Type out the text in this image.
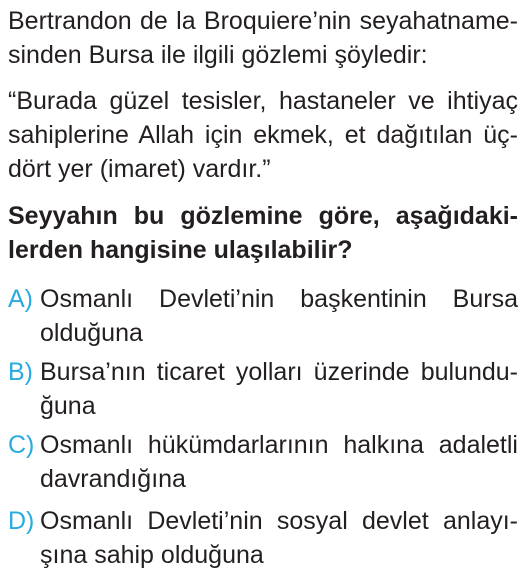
Bertrandon de la Broquiere’nin seyahatname-
sinden Bursa ile ilgili gözlemi şöyledir:
“Burada güzel tesisler, hastaneler ve ihtiyaç
sahiplerine Allah için ekmek, et dağıtılan üç-
dört yer (imaret) vardır.”
Seyyahın bu gözlemine göre, aşağıdaki-
lerden hangisine ulaşılabilir?
A) Osmanlı Devleti’nin başkentinin Bursa
olduğuna
B) Bursa’nın ticaret yolları üzerinde bulundu-
ğuna
C) Osmanlı hükümdarlarının halkına adaletli
davrandığına
D) Osmanlı Devleti’nin sosyal devlet anlayı-
şına sahip olduğuna
